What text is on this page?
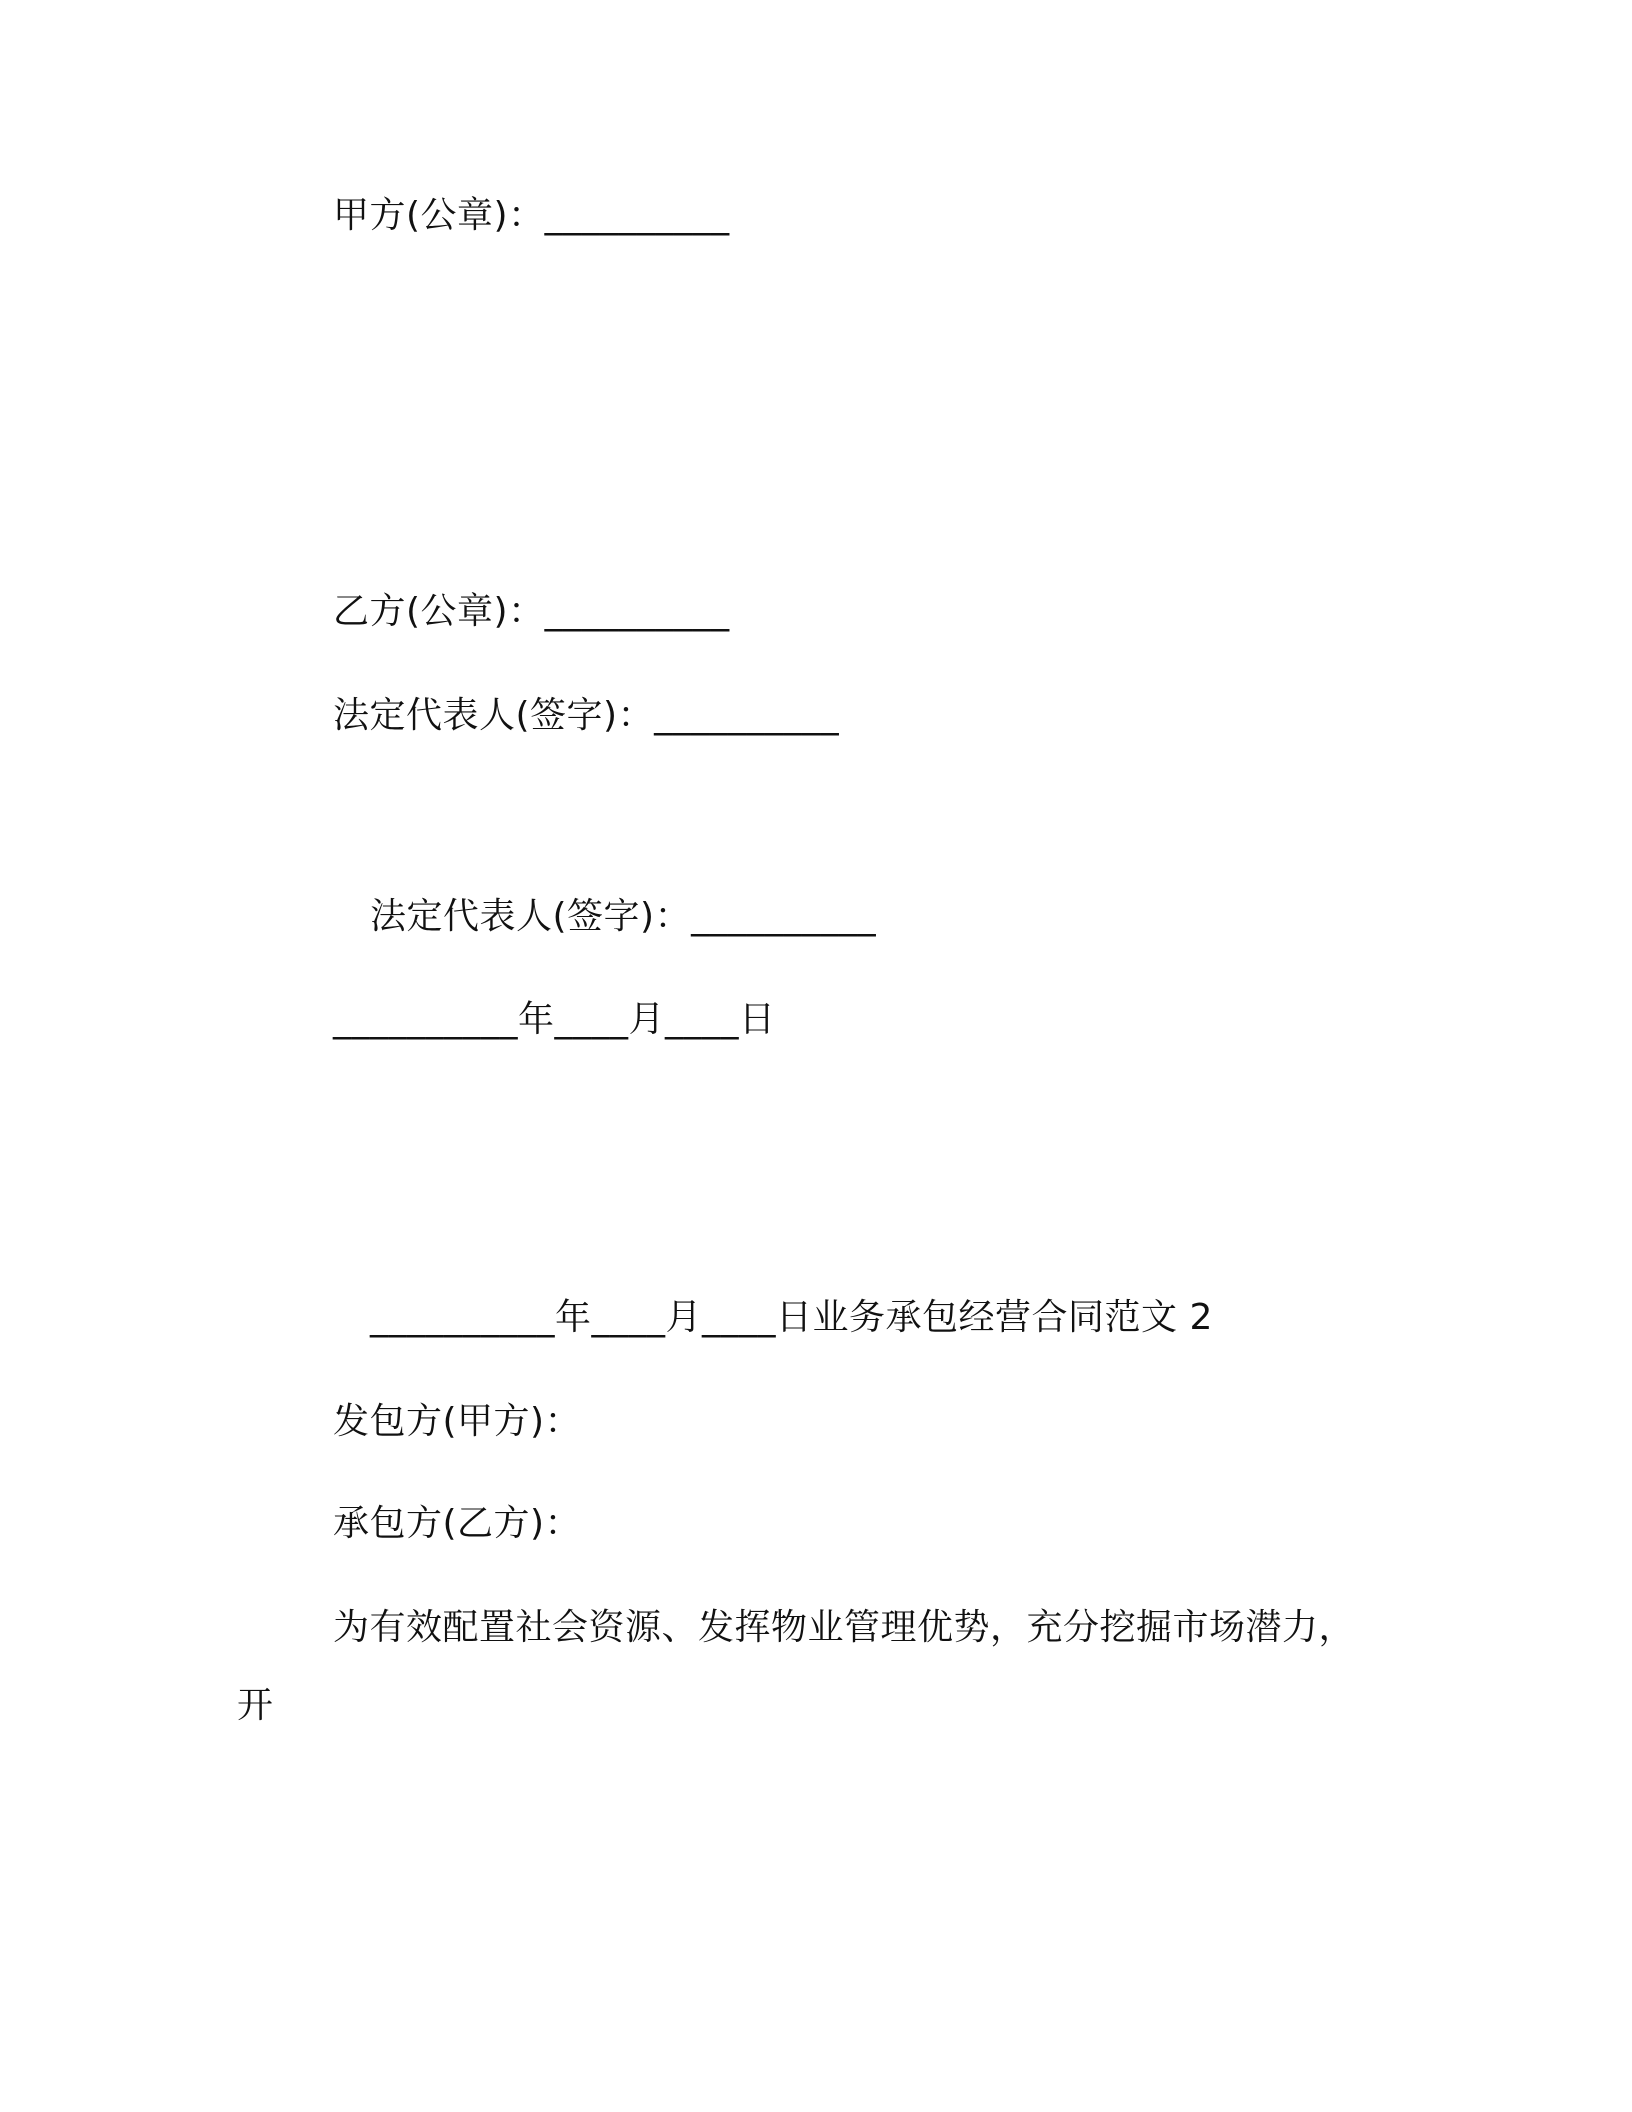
甲方(公章)：__________
乙方(公章)：__________
法定代表人(签字)：__________
法定代表人(签字)：__________
__________年____月____日
__________年____月____日业务承包经营合同范文 2
发包方(甲方)：
承包方(乙方)：
为有效配置社会资源、发挥物业管理优势，充分挖掘市场潜力，
开
